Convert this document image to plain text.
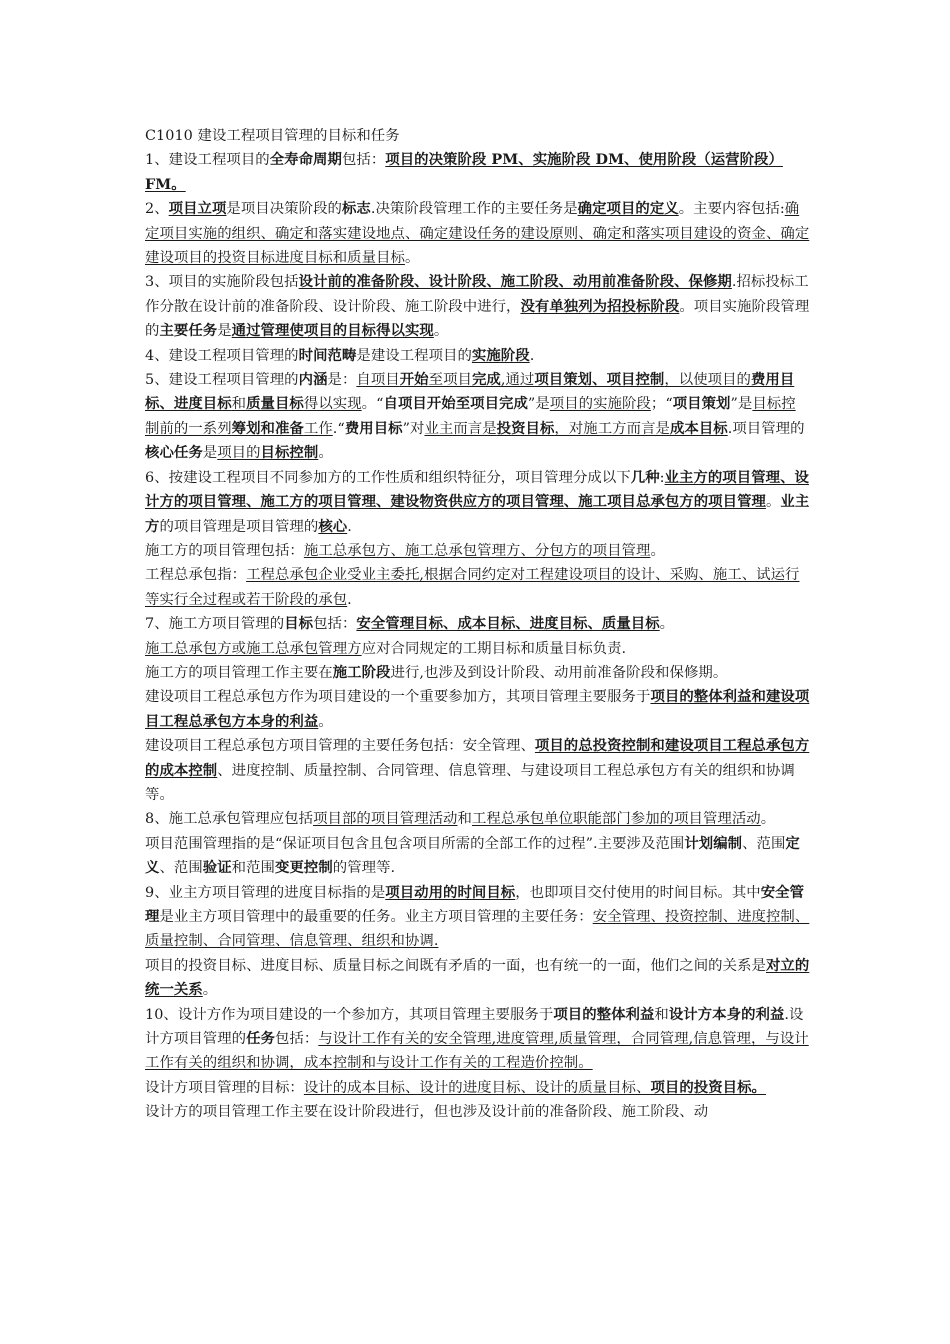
C1010 建设工程项目管理的目标和任务

1、建设工程项目的全寿命周期包括：项目的决策阶段 PM、实施阶段 DM、使用阶段（运营阶段）FM。

2、项目立项是项目决策阶段的标志.决策阶段管理工作的主要任务是确定项目的定义。主要内容包括:确定项目实施的组织、确定和落实建设地点、确定建设任务的建设原则、确定和落实项目建设的资金、确定建设项目的投资目标进度目标和质量目标。

3、项目的实施阶段包括设计前的准备阶段、设计阶段、施工阶段、动用前准备阶段、保修期.招标投标工作分散在设计前的准备阶段、设计阶段、施工阶段中进行，没有单独列为招投标阶段。项目实施阶段管理的主要任务是通过管理使项目的目标得以实现。

4、建设工程项目管理的时间范畴是建设工程项目的实施阶段.

5、建设工程项目管理的内涵是：自项目开始至项目完成,通过项目策划、项目控制，以使项目的费用目标、进度目标和质量目标得以实现。“自项目开始至项目完成”是项目的实施阶段；“项目策划”是目标控制前的一系列筹划和准备工作.“费用目标”对业主而言是投资目标，对施工方而言是成本目标.项目管理的核心任务是项目的目标控制。

6、按建设工程项目不同参加方的工作性质和组织特征分，项目管理分成以下几种:业主方的项目管理、设计方的项目管理、施工方的项目管理、建设物资供应方的项目管理、施工项目总承包方的项目管理。业主方的项目管理是项目管理的核心.

施工方的项目管理包括：施工总承包方、施工总承包管理方、分包方的项目管理。

工程总承包指：工程总承包企业受业主委托,根据合同约定对工程建设项目的设计、采购、施工、试运行等实行全过程或若干阶段的承包.

7、施工方项目管理的目标包括：安全管理目标、成本目标、进度目标、质量目标。

施工总承包方或施工总承包管理方应对合同规定的工期目标和质量目标负责.

施工方的项目管理工作主要在施工阶段进行,也涉及到设计阶段、动用前准备阶段和保修期。

建设项目工程总承包方作为项目建设的一个重要参加方，其项目管理主要服务于项目的整体利益和建设项目工程总承包方本身的利益。

建设项目工程总承包方项目管理的主要任务包括：安全管理、项目的总投资控制和建设项目工程总承包方的成本控制、进度控制、质量控制、合同管理、信息管理、与建设项目工程总承包方有关的组织和协调等。

8、施工总承包管理应包括项目部的项目管理活动和工程总承包单位职能部门参加的项目管理活动。

项目范围管理指的是“保证项目包含且包含项目所需的全部工作的过程”.主要涉及范围计划编制、范围定义、范围验证和范围变更控制的管理等.

9、业主方项目管理的进度目标指的是项目动用的时间目标，也即项目交付使用的时间目标。其中安全管理是业主方项目管理中的最重要的任务。业主方项目管理的主要任务：安全管理、投资控制、进度控制、质量控制、合同管理、信息管理、组织和协调.

项目的投资目标、进度目标、质量目标之间既有矛盾的一面，也有统一的一面，他们之间的关系是对立的统一关系。

10、设计方作为项目建设的一个参加方，其项目管理主要服务于项目的整体利益和设计方本身的利益.设计方项目管理的任务包括：与设计工作有关的安全管理,进度管理,质量管理，合同管理,信息管理，与设计工作有关的组织和协调，成本控制和与设计工作有关的工程造价控制。

设计方项目管理的目标：设计的成本目标、设计的进度目标、设计的质量目标、项目的投资目标。

设计方的项目管理工作主要在设计阶段进行，但也涉及设计前的准备阶段、施工阶段、动
